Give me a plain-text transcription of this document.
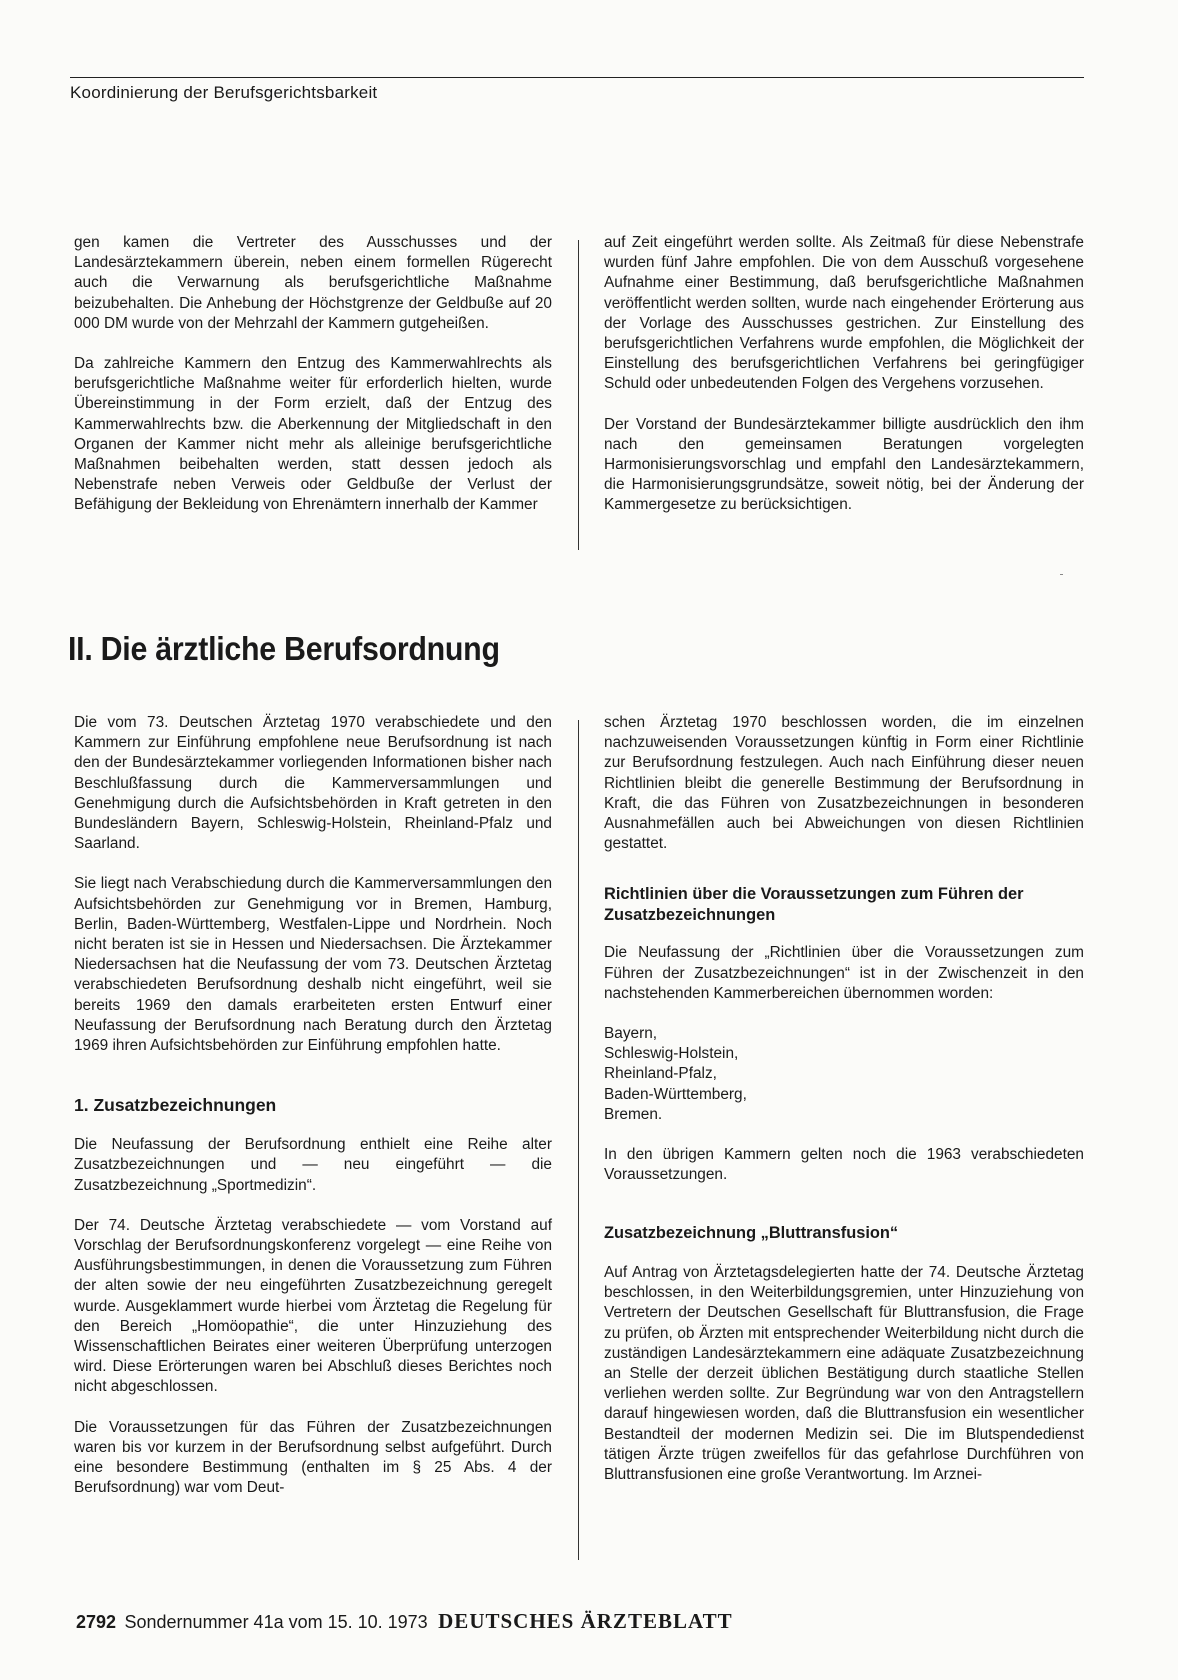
Koordinierung der Berufsgerichtsbarkeit

gen kamen die Vertreter des Ausschusses und der Landesärztekammern überein, neben einem formellen Rügerecht auch die Verwarnung als berufsgerichtliche Maßnahme beizubehalten. Die Anhebung der Höchstgrenze der Geldbuße auf 20 000 DM wurde von der Mehrzahl der Kammern gutgeheißen.

Da zahlreiche Kammern den Entzug des Kammerwahlrechts als berufsgerichtliche Maßnahme weiter für erforderlich hielten, wurde Übereinstimmung in der Form erzielt, daß der Entzug des Kammerwahlrechts bzw. die Aberkennung der Mitgliedschaft in den Organen der Kammer nicht mehr als alleinige berufsgerichtliche Maßnahmen beibehalten werden, statt dessen jedoch als Nebenstrafe neben Verweis oder Geldbuße der Verlust der Befähigung der Bekleidung von Ehrenämtern innerhalb der Kammer

auf Zeit eingeführt werden sollte. Als Zeitmaß für diese Nebenstrafe wurden fünf Jahre empfohlen. Die von dem Ausschuß vorgesehene Aufnahme einer Bestimmung, daß berufsgerichtliche Maßnahmen veröffentlicht werden sollten, wurde nach eingehender Erörterung aus der Vorlage des Ausschusses gestrichen. Zur Einstellung des berufsgerichtlichen Verfahrens wurde empfohlen, die Möglichkeit der Einstellung des berufsgerichtlichen Verfahrens bei geringfügiger Schuld oder unbedeutenden Folgen des Vergehens vorzusehen.

Der Vorstand der Bundesärztekammer billigte ausdrücklich den ihm nach den gemeinsamen Beratungen vorgelegten Harmonisierungsvorschlag und empfahl den Landesärztekammern, die Harmonisierungsgrundsätze, soweit nötig, bei der Änderung der Kammergesetze zu berücksichtigen.

II. Die ärztliche Berufsordnung

Die vom 73. Deutschen Ärztetag 1970 verabschiedete und den Kammern zur Einführung empfohlene neue Berufsordnung ist nach den der Bundesärztekammer vorliegenden Informationen bisher nach Beschlußfassung durch die Kammerversammlungen und Genehmigung durch die Aufsichtsbehörden in Kraft getreten in den Bundesländern Bayern, Schleswig-Holstein, Rheinland-Pfalz und Saarland.

Sie liegt nach Verabschiedung durch die Kammerversammlungen den Aufsichtsbehörden zur Genehmigung vor in Bremen, Hamburg, Berlin, Baden-Württemberg, Westfalen-Lippe und Nordrhein. Noch nicht beraten ist sie in Hessen und Niedersachsen. Die Ärztekammer Niedersachsen hat die Neufassung der vom 73. Deutschen Ärztetag verabschiedeten Berufsordnung deshalb nicht eingeführt, weil sie bereits 1969 den damals erarbeiteten ersten Entwurf einer Neufassung der Berufsordnung nach Beratung durch den Ärztetag 1969 ihren Aufsichtsbehörden zur Einführung empfohlen hatte.

1. Zusatzbezeichnungen

Die Neufassung der Berufsordnung enthielt eine Reihe alter Zusatzbezeichnungen und — neu eingeführt — die Zusatzbezeichnung „Sportmedizin“.

Der 74. Deutsche Ärztetag verabschiedete — vom Vorstand auf Vorschlag der Berufsordnungskonferenz vorgelegt — eine Reihe von Ausführungsbestimmungen, in denen die Voraussetzung zum Führen der alten sowie der neu eingeführten Zusatzbezeichnung geregelt wurde. Ausgeklammert wurde hierbei vom Ärztetag die Regelung für den Bereich „Homöopathie“, die unter Hinzuziehung des Wissenschaftlichen Beirates einer weiteren Überprüfung unterzogen wird. Diese Erörterungen waren bei Abschluß dieses Berichtes noch nicht abgeschlossen.

Die Voraussetzungen für das Führen der Zusatzbezeichnungen waren bis vor kurzem in der Berufsordnung selbst aufgeführt. Durch eine besondere Bestimmung (enthalten im § 25 Abs. 4 der Berufsordnung) war vom Deut-

schen Ärztetag 1970 beschlossen worden, die im einzelnen nachzuweisenden Voraussetzungen künftig in Form einer Richtlinie zur Berufsordnung festzulegen. Auch nach Einführung dieser neuen Richtlinien bleibt die generelle Bestimmung der Berufsordnung in Kraft, die das Führen von Zusatzbezeichnungen in besonderen Ausnahmefällen auch bei Abweichungen von diesen Richtlinien gestattet.

Richtlinien über die Voraussetzungen zum Führen der Zusatzbezeichnungen

Die Neufassung der „Richtlinien über die Voraussetzungen zum Führen der Zusatzbezeichnungen“ ist in der Zwischenzeit in den nachstehenden Kammerbereichen übernommen worden:

Bayern,
Schleswig-Holstein,
Rheinland-Pfalz,
Baden-Württemberg,
Bremen.

In den übrigen Kammern gelten noch die 1963 verabschiedeten Voraussetzungen.

Zusatzbezeichnung „Bluttransfusion“

Auf Antrag von Ärztetagsdelegierten hatte der 74. Deutsche Ärztetag beschlossen, in den Weiterbildungsgremien, unter Hinzuziehung von Vertretern der Deutschen Gesellschaft für Bluttransfusion, die Frage zu prüfen, ob Ärzten mit entsprechender Weiterbildung nicht durch die zuständigen Landesärztekammern eine adäquate Zusatzbezeichnung an Stelle der derzeit üblichen Bestätigung durch staatliche Stellen verliehen werden sollte. Zur Begründung war von den Antragstellern darauf hingewiesen worden, daß die Bluttransfusion ein wesentlicher Bestandteil der modernen Medizin sei. Die im Blutspendedienst tätigen Ärzte trügen zweifellos für das gefahrlose Durchführen von Bluttransfusionen eine große Verantwortung. Im Arznei-

2792 Sondernummer 41a vom 15. 10. 1973 DEUTSCHES ÄRZTEBLATT
